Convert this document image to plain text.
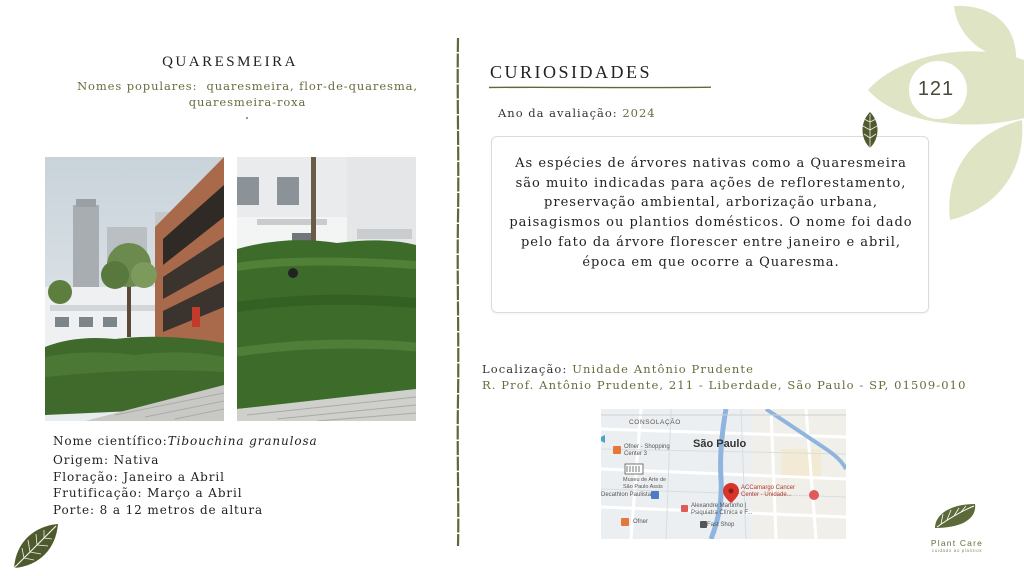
QUARESMEIRA
Nomes populares: quaresmeira, flor-de-quaresma,
quaresmeira-roxa
Nome científico:Tibouchina granulosa
Origem: Nativa
Floração: Janeiro a Abril
Frutificação: Março a Abril
Porte: 8 a 12 metros de altura
CURIOSIDADES
Ano da avaliação: 2024

As espécies de árvores nativas como a Quaresmeira são muito indicadas para ações de reflorestamento, preservação ambiental, arborização urbana, paisagismos ou plantios domésticos. O nome foi dado pelo fato da árvore florescer entre janeiro e abril, época em que ocorre a Quaresma.

Localização: Unidade Antônio Prudente
R. Prof. Antônio Prudente, 211 - Liberdade, São Paulo - SP, 01509-010
CONSOLAÇÃO
São Paulo
Ofner - Shopping
Center 3
Museu de Arte de
São Paulo Assis
Decathlon Paulista
ACCamargo Cancer
Center - Unidade...
Alexandre Martinho |
Psiquiatra Clínica e F...
Ofner	Fast Shop
121
Plant Care
cuidado ao plantios
